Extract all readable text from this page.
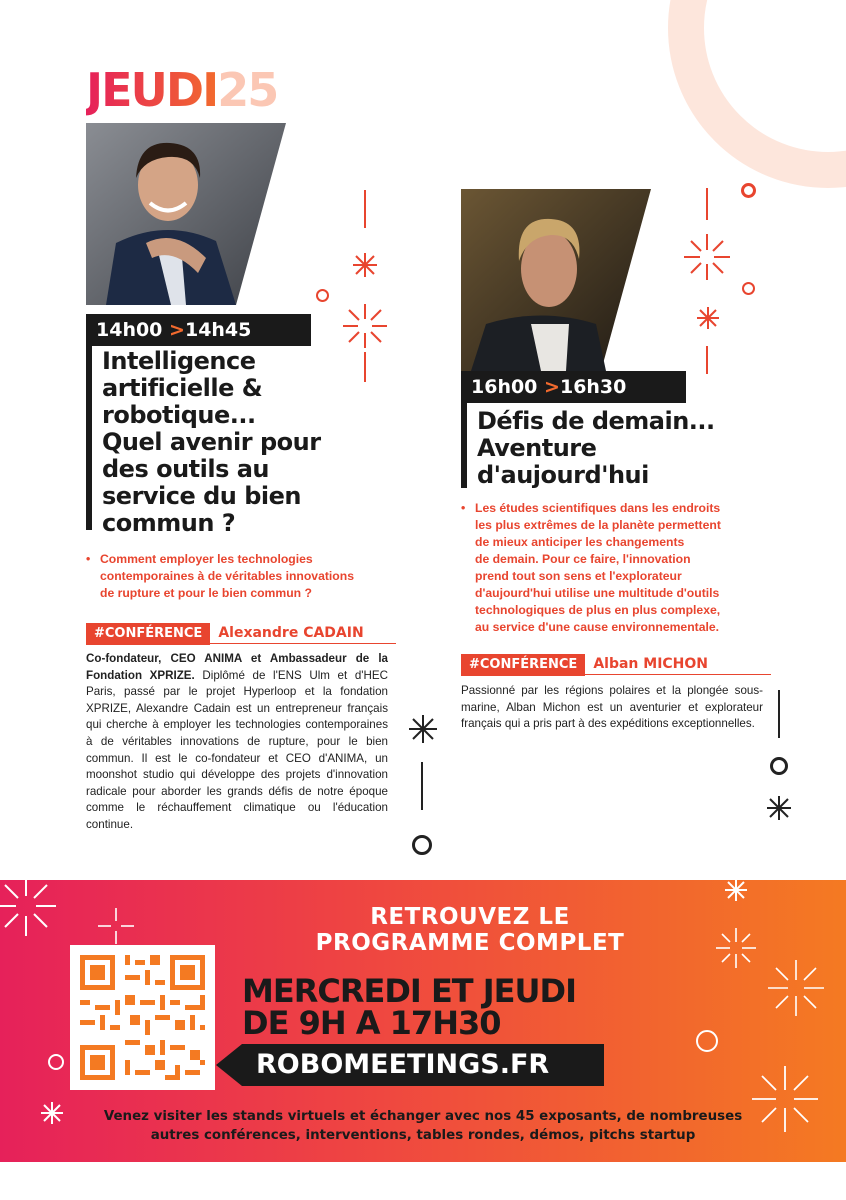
JEUDI25
14h00 >14h45
Intelligence
artificielle &
robotique...
Quel avenir pour
des outils au
service du bien
commun ?
• Comment employer les technologies
contemporaines à de véritables innovations
de rupture et pour le bien commun ?
#CONFÉRENCE Alexandre CADAIN
Co-fondateur, CEO ANIMA et Ambassadeur de la Fondation XPRIZE. Diplômé de l'ENS Ulm et d'HEC Paris, passé par le projet Hyperloop et la fondation XPRIZE, Alexandre Cadain est un entrepreneur français qui cherche à employer les technologies contemporaines à de véritables innovations de rupture, pour le bien commun. Il est le co-fondateur et CEO d'ANIMA, un moonshot studio qui développe des projets d'innovation radicale pour aborder les grands défis de notre époque comme le réchauffement climatique ou l'éducation continue.
16h00 >16h30
Défis de demain...
Aventure
d'aujourd'hui
• Les études scientifiques dans les endroits
les plus extrêmes de la planète permettent
de mieux anticiper les changements
de demain. Pour ce faire, l'innovation
prend tout son sens et l'explorateur
d'aujourd'hui utilise une multitude d'outils
technologiques de plus en plus complexe,
au service d'une cause environnementale.
#CONFÉRENCE Alban MICHON
Passionné par les régions polaires et la plongée sous-marine, Alban Michon est un aventurier et explorateur français qui a pris part à des expéditions exceptionnelles.
RETROUVEZ LE
PROGRAMME COMPLET
MERCREDI ET JEUDI
DE 9H A 17H30
ROBOMEETINGS.FR
Venez visiter les stands virtuels et échanger avec nos 45 exposants, de nombreuses
autres conférences, interventions, tables rondes, démos, pitchs startup
